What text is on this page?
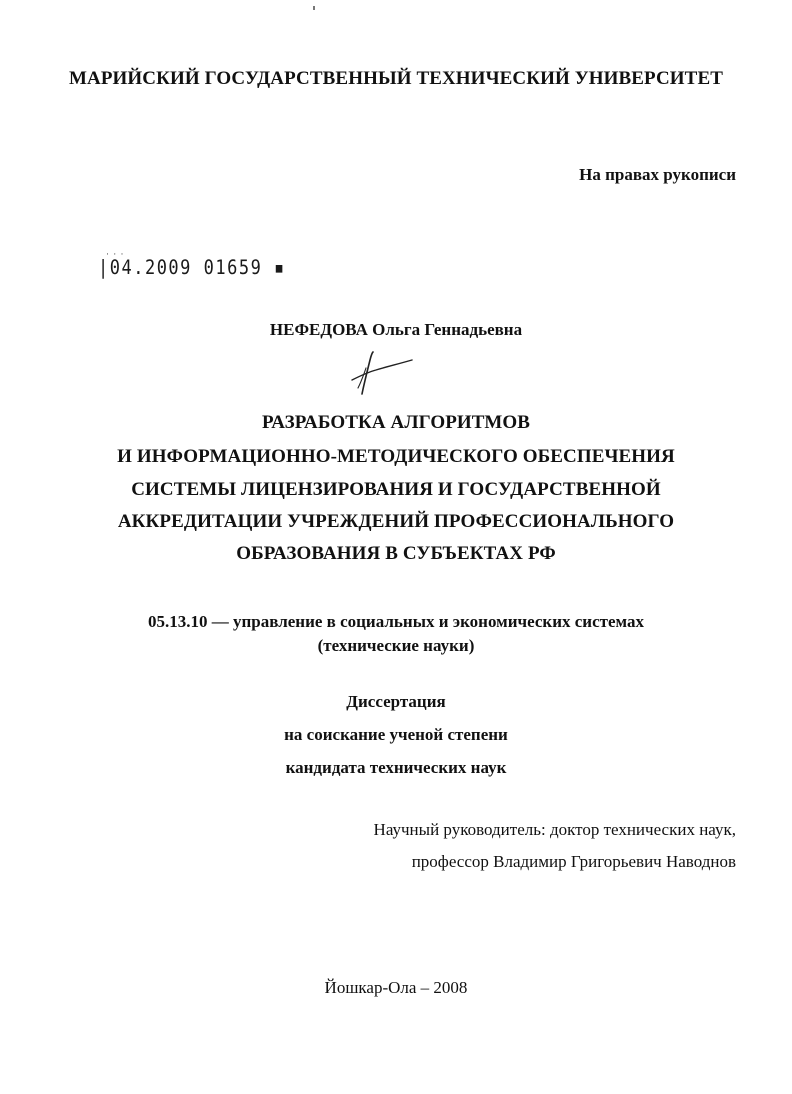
МАРИЙСКИЙ ГОСУДАРСТВЕННЫЙ ТЕХНИЧЕСКИЙ УНИВЕРСИТЕТ
На правах рукописи
· · ·
|04.2009 01659 ▪
НЕФЕДОВА Ольга Геннадьевна
РАЗРАБОТКА АЛГОРИТМОВ
И ИНФОРМАЦИОННО-МЕТОДИЧЕСКОГО ОБЕСПЕЧЕНИЯ
СИСТЕМЫ ЛИЦЕНЗИРОВАНИЯ И ГОСУДАРСТВЕННОЙ
АККРЕДИТАЦИИ УЧРЕЖДЕНИЙ ПРОФЕССИОНАЛЬНОГО
ОБРАЗОВАНИЯ В СУБЪЕКТАХ РФ
05.13.10 — управление в социальных и экономических системах
(технические науки)
Диссертация
на соискание ученой степени
кандидата технических наук
Научный руководитель: доктор технических наук,
профессор Владимир Григорьевич Наводнов
Йошкар-Ола – 2008
